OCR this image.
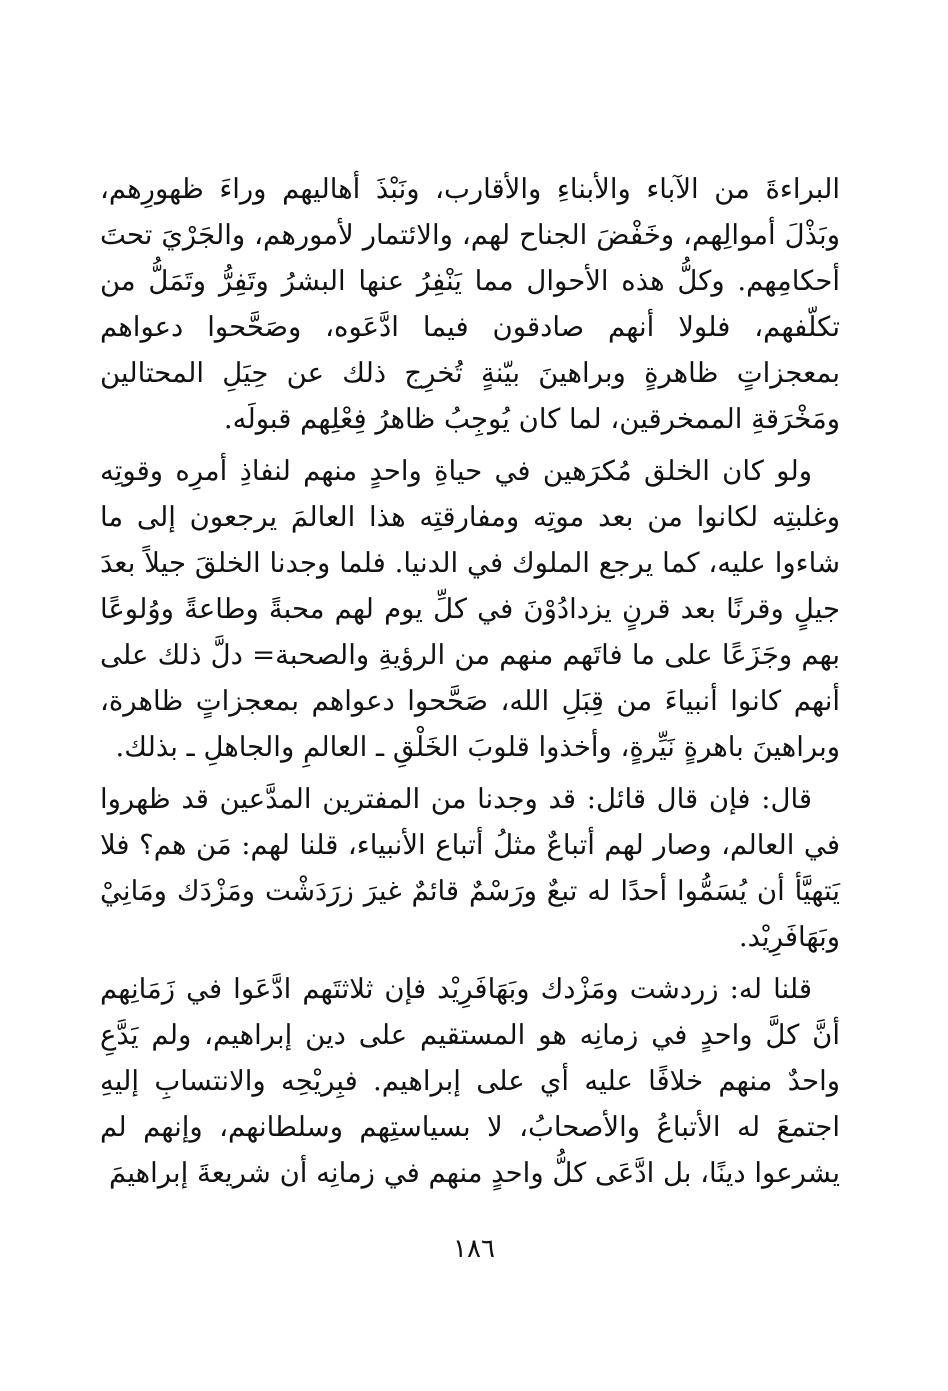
البراءةَ من الآباء والأبناءِ والأقارب، ونَبْذَ أهاليهم وراءَ ظهورِهم، وبَذْلَ أموالِهم، وخَفْضَ الجناح لهم، والائتمار لأمورهم، والجَرْيَ تحتَ أحكامِهم. وكلُّ هذه الأحوال مما يَنْفِرُ عنها البشرُ وتَفِرُّ وتَمَلُّ من تكلّفهم، فلولا أنهم صادقون فيما ادَّعَوه، وصَحَّحوا دعواهم بمعجزاتٍ ظاهرةٍ وبراهينَ بيّنةٍ تُخرِج ذلك عن حِيَلِ المحتالين ومَخْرَقةِ الممخرقين، لما كان يُوجِبُ ظاهرُ فِعْلِهم قبولَه.

ولو كان الخلق مُكرَهين في حياةِ واحدٍ منهم لنفاذِ أمرِه وقوتِه وغلبتِه لكانوا من بعد موتِه ومفارقتِه هذا العالمَ يرجعون إلى ما شاءوا عليه، كما يرجع الملوك في الدنيا. فلما وجدنا الخلقَ جيلاً بعدَ جيلٍ وقرنًا بعد قرنٍ يزدادُوْنَ في كلِّ يوم لهم محبةً وطاعةً ووُلوعًا بهم وجَزَعًا على ما فاتَهم منهم من الرؤيةِ والصحبة= دلَّ ذلك على أنهم كانوا أنبياءَ من قِبَلِ الله، صَحَّحوا دعواهم بمعجزاتٍ ظاهرة، وبراهينَ باهرةٍ نَيِّرةٍ، وأخذوا قلوبَ الخَلْقِ ـ العالمِ والجاهلِ ـ بذلك.

قال: فإن قال قائل: قد وجدنا من المفترين المدَّعين قد ظهروا في العالم، وصار لهم أتباعٌ مثلُ أتباع الأنبياء، قلنا لهم: مَن هم؟ فلا يَتهيَّأ أن يُسَمُّوا أحدًا له تبعٌ ورَسْمٌ قائمٌ غيرَ زرَدَشْت ومَزْدَك ومَانِيْ وبَهَافَرِيْد.

قلنا له: زردشت ومَزْدك وبَهَافَرِيْد فإن ثلاثتَهم ادَّعَوا في زَمَانِهم أنَّ كلَّ واحدٍ في زمانِه هو المستقيم على دين إبراهيم، ولم يَدَّعِ واحدٌ منهم خلافًا عليه أي على إبراهيم. فبِريْحِه والانتسابِ إليهِ اجتمعَ له الأتباعُ والأصحابُ، لا بسياستِهم وسلطانهم، وإنهم لم يشرعوا دينًا، بل ادَّعَى كلُّ واحدٍ منهم في زمانِه أن شريعةَ إبراهيمَ

١٨٦
